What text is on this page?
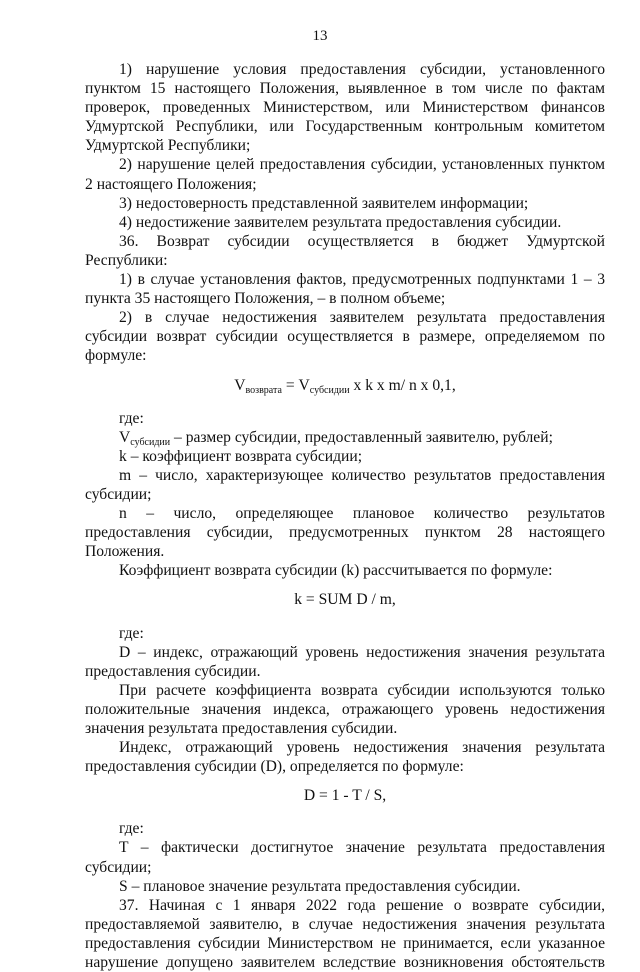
13

1) нарушение условия предоставления субсидии, установленного пунктом 15 настоящего Положения, выявленное в том числе по фактам проверок, проведенных Министерством, или Министерством финансов Удмуртской Республики, или Государственным контрольным комитетом Удмуртской Республики;

2) нарушение целей предоставления субсидии, установленных пунктом 2 настоящего Положения;

3) недостоверность представленной заявителем информации;

4) недостижение заявителем результата предоставления субсидии.

36. Возврат субсидии осуществляется в бюджет Удмуртской Республики:

1) в случае установления фактов, предусмотренных подпунктами 1 – 3 пункта 35 настоящего Положения, – в полном объеме;

2) в случае недостижения заявителем результата предоставления субсидии возврат субсидии осуществляется в размере, определяемом по формуле:

$V_{возврата} = V_{субсидии}$ x k x m/ n x 0,1,

где:

$V_{субсидии}$ – размер субсидии, предоставленный заявителю, рублей;

k – коэффициент возврата субсидии;

m – число, характеризующее количество результатов предоставления субсидии;

n – число, определяющее плановое количество результатов предоставления субсидии, предусмотренных пунктом 28 настоящего Положения.

Коэффициент возврата субсидии (k) рассчитывается по формуле:

k = SUM D / m,

где:

D – индекс, отражающий уровень недостижения значения результата предоставления субсидии.

При расчете коэффициента возврата субсидии используются только положительные значения индекса, отражающего уровень недостижения значения результата предоставления субсидии.

Индекс, отражающий уровень недостижения значения результата предоставления субсидии (D), определяется по формуле:

D = 1 - T / S,

где:

T – фактически достигнутое значение результата предоставления субсидии;

S – плановое значение результата предоставления субсидии.

37. Начиная с 1 января 2022 года решение о возврате субсидии, предоставляемой заявителю, в случае недостижения значения результата предоставления субсидии Министерством не принимается, если указанное нарушение допущено заявителем вследствие возникновения обстоятельств
